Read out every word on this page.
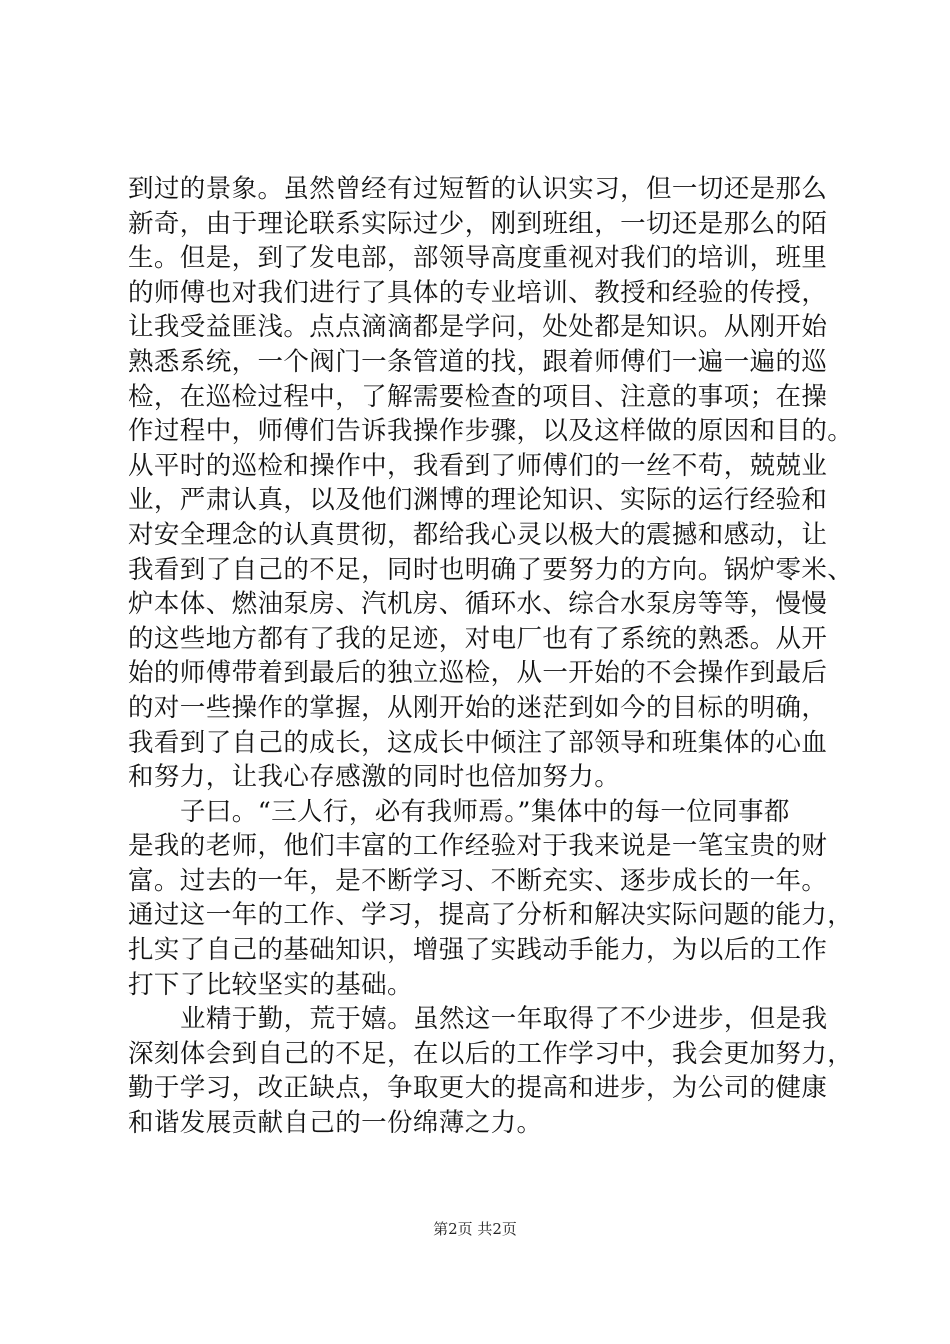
到过的景象。虽然曾经有过短暂的认识实习，但一切还是那么
新奇，由于理论联系实际过少，刚到班组，一切还是那么的陌
生。但是，到了发电部，部领导高度重视对我们的培训，班里
的师傅也对我们进行了具体的专业培训、教授和经验的传授，
让我受益匪浅。点点滴滴都是学问，处处都是知识。从刚开始
熟悉系统，一个阀门一条管道的找，跟着师傅们一遍一遍的巡
检，在巡检过程中，了解需要检查的项目、注意的事项；在操
作过程中，师傅们告诉我操作步骤，以及这样做的原因和目的。
从平时的巡检和操作中，我看到了师傅们的一丝不苟，兢兢业
业，严肃认真，以及他们渊博的理论知识、实际的运行经验和
对安全理念的认真贯彻，都给我心灵以极大的震撼和感动，让
我看到了自己的不足，同时也明确了要努力的方向。锅炉零米、
炉本体、燃油泵房、汽机房、循环水、综合水泵房等等，慢慢
的这些地方都有了我的足迹，对电厂也有了系统的熟悉。从开
始的师傅带着到最后的独立巡检，从一开始的不会操作到最后
的对一些操作的掌握，从刚开始的迷茫到如今的目标的明确，
我看到了自己的成长，这成长中倾注了部领导和班集体的心血
和努力，让我心存感激的同时也倍加努力。
子曰。“三人行，必有我师焉。”集体中的每一位同事都
是我的老师，他们丰富的工作经验对于我来说是一笔宝贵的财
富。过去的一年，是不断学习、不断充实、逐步成长的一年。
通过这一年的工作、学习，提高了分析和解决实际问题的能力，
扎实了自己的基础知识，增强了实践动手能力，为以后的工作
打下了比较坚实的基础。
业精于勤，荒于嬉。虽然这一年取得了不少进步，但是我
深刻体会到自己的不足，在以后的工作学习中，我会更加努力，
勤于学习，改正缺点，争取更大的提高和进步，为公司的健康
和谐发展贡献自己的一份绵薄之力。
第2页 共2页
